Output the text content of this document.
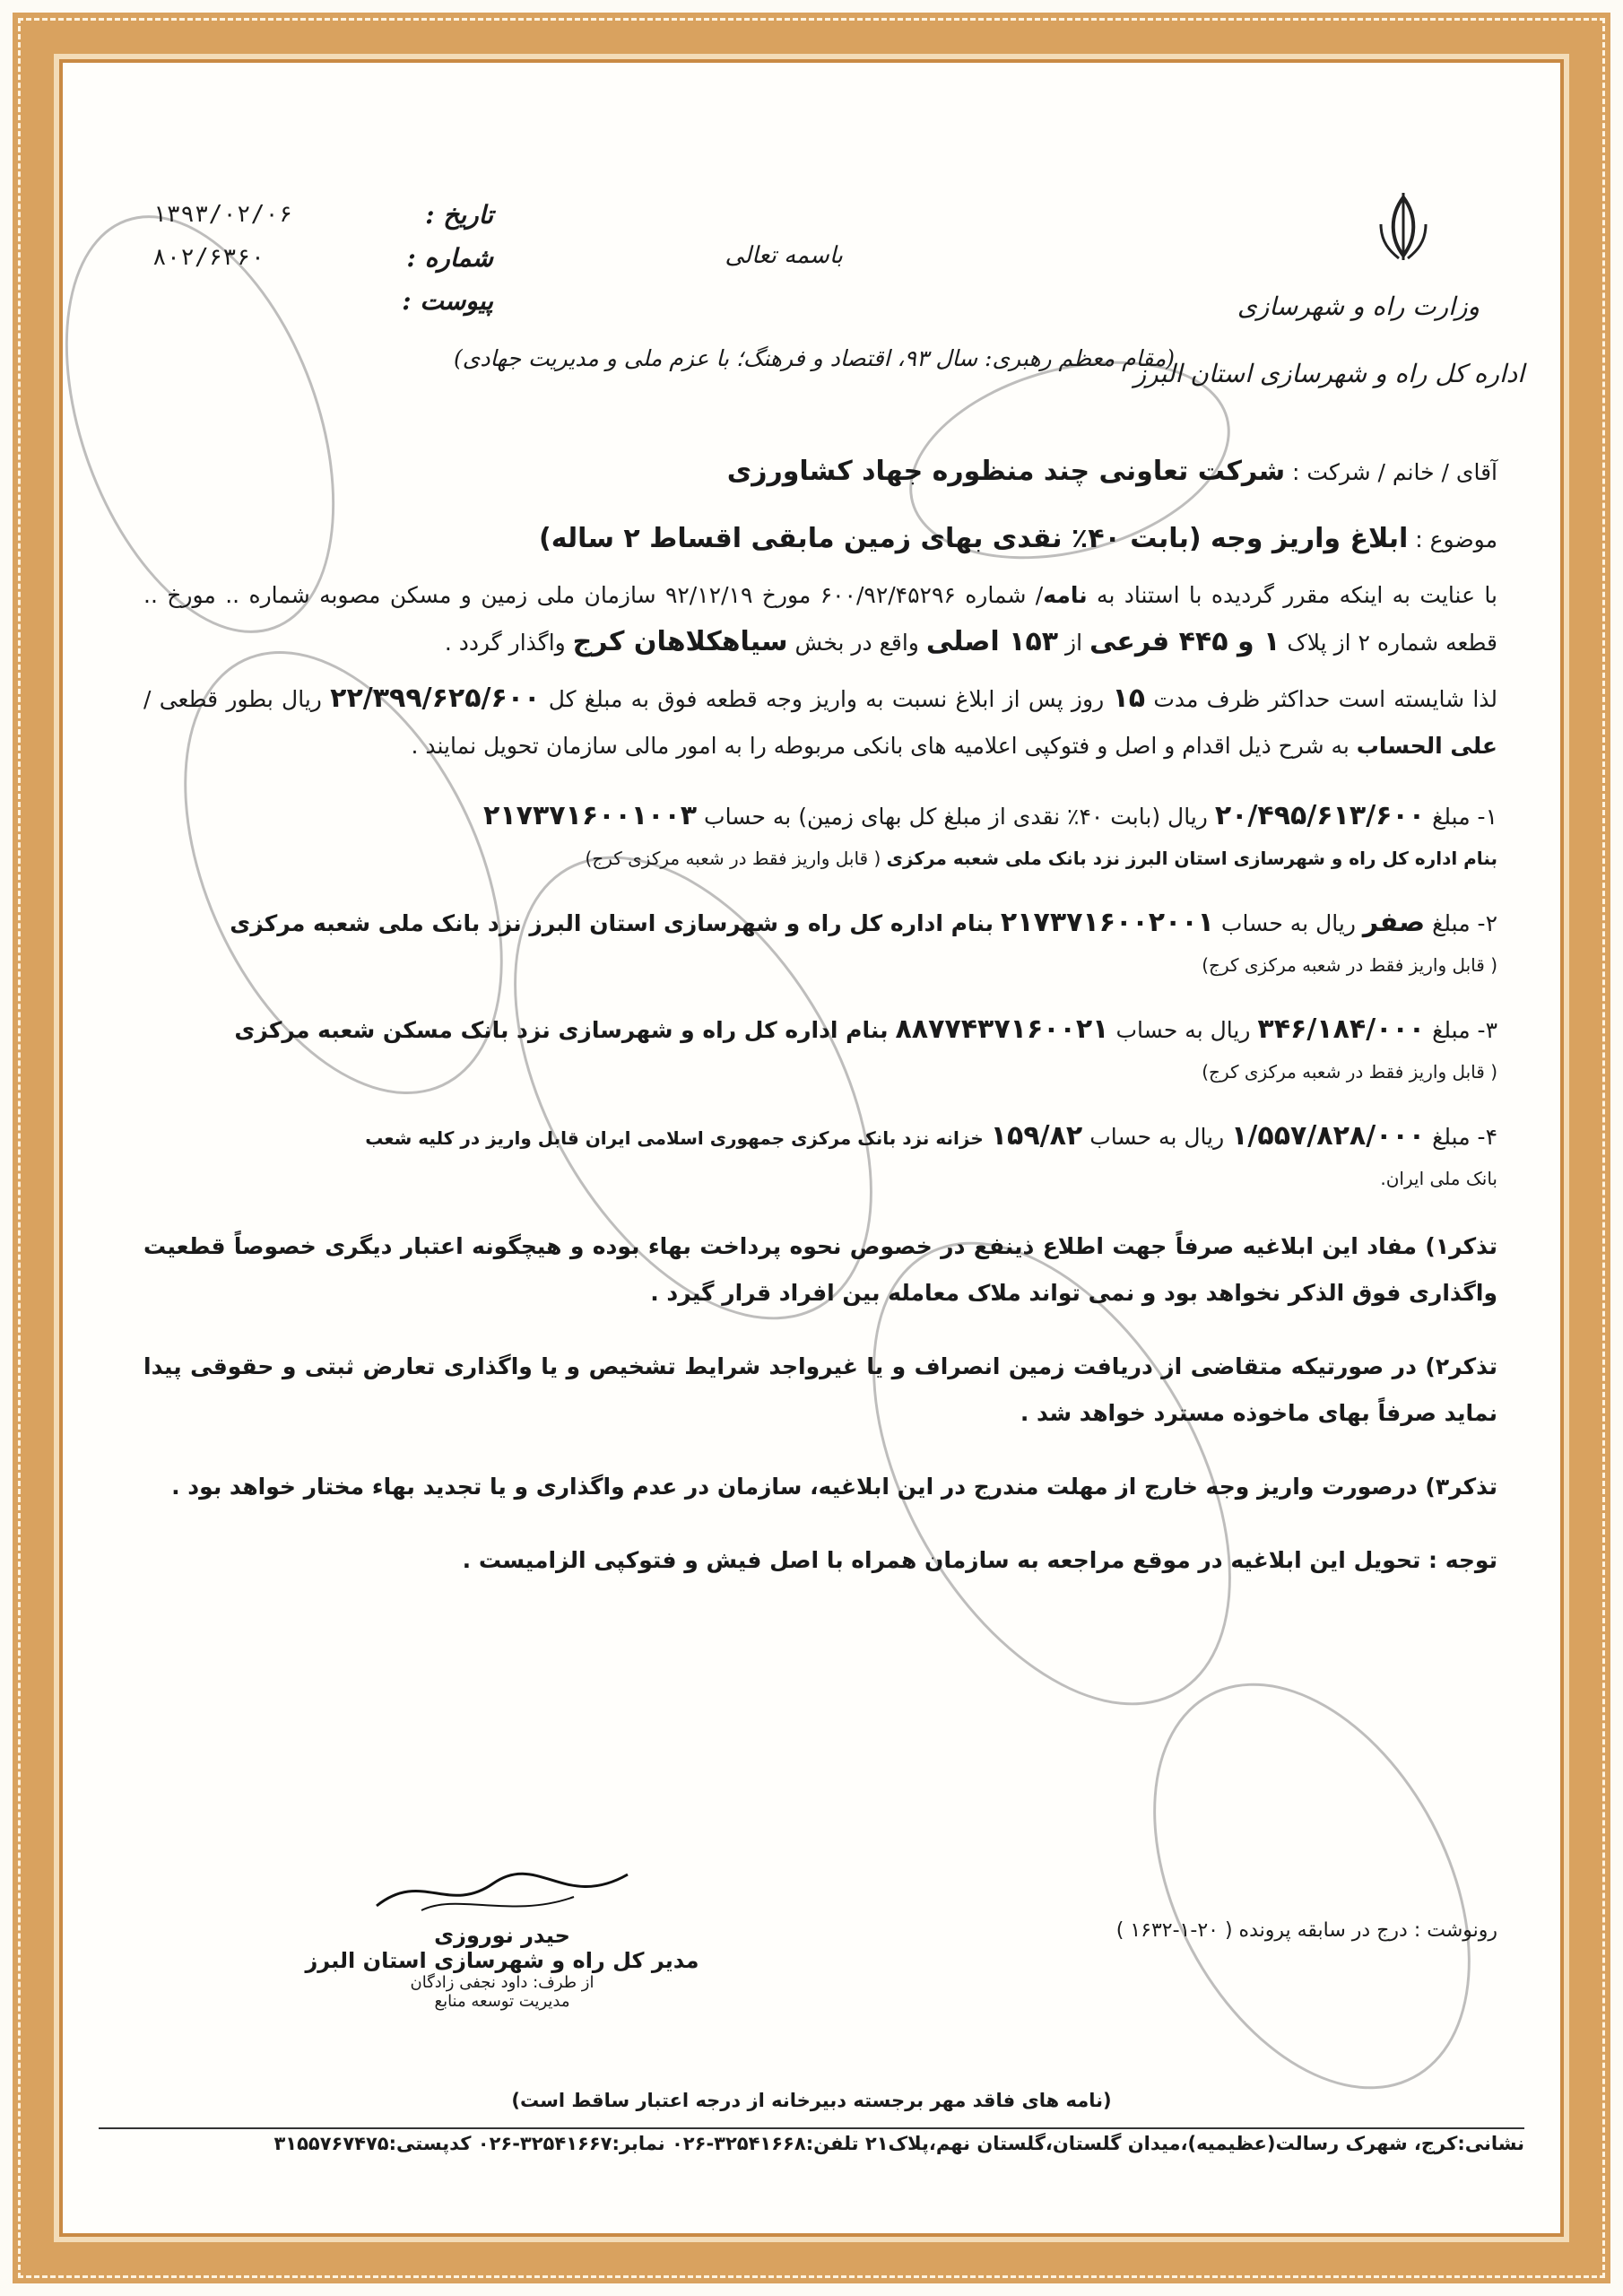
وزارت راه و شهرسازی
اداره کل راه و شهرسازی استان البرز
باسمه تعالی
(مقام معظم رهبری: سال ۹۳، اقتصاد و فرهنگ؛ با عزم ملی و مدیریت جهادی)
تاریخ :
۱۳۹۳/۰۲/۰۶
شماره :
۸۰۲/۶۳۶۰
پیوست :
آقای / خانم / شرکت : شرکت تعاونی چند منظوره جهاد کشاورزی
موضوع : ابلاغ واریز وجه (بابت ۴۰٪ نقدی بهای زمین مابقی اقساط ۲ ساله)
با عنایت به اینکه مقرر گردیده با استناد به نامه/ شماره ۶۰۰/۹۲/۴۵۲۹۶ مورخ ۹۲/۱۲/۱۹ سازمان ملی زمین و مسکن مصوبه شماره .. مورخ .. قطعه شماره ۲ از پلاک ۱ و ۴۴۵ فرعی از ۱۵۳ اصلی واقع در بخش سیاهکلاهان کرج واگذار گردد .
لذا شایسته است حداکثر ظرف مدت ۱۵ روز پس از ابلاغ نسبت به واریز وجه قطعه فوق به مبلغ کل ۲۲/۳۹۹/۶۲۵/۶۰۰ ریال بطور قطعی / علی الحساب به شرح ذیل اقدام و اصل و فتوکپی اعلامیه های بانکی مربوطه را به امور مالی سازمان تحویل نمایند .
۱- مبلغ ۲۰/۴۹۵/۶۱۳/۶۰۰ ریال (بابت ۴۰٪ نقدی از مبلغ کل بهای زمین) به حساب ۲۱۷۳۷۱۶۰۰۱۰۰۳
بنام اداره کل راه و شهرسازی استان البرز نزد بانک ملی شعبه مرکزی ( قابل واریز فقط در شعبه مرکزی کرج)
۲- مبلغ صفر ریال به حساب ۲۱۷۳۷۱۶۰۰۲۰۰۱ بنام اداره کل راه و شهرسازی استان البرز نزد بانک ملی شعبه مرکزی
( قابل واریز فقط در شعبه مرکزی کرج)
۳- مبلغ ۳۴۶/۱۸۴/۰۰۰ ریال به حساب ۸۸۷۷۴۳۷۱۶۰۰۲۱ بنام اداره کل راه و شهرسازی نزد بانک مسکن شعبه مرکزی
( قابل واریز فقط در شعبه مرکزی کرج)
۴- مبلغ ۱/۵۵۷/۸۲۸/۰۰۰ ریال به حساب ۱۵۹/۸۲ خزانه نزد بانک مرکزی جمهوری اسلامی ایران قابل واریز در کلیه شعب
بانک ملی ایران.
تذکر۱) مفاد این ابلاغیه صرفاً جهت اطلاع ذینفع در خصوص نحوه پرداخت بهاء بوده و هیچگونه اعتبار دیگری خصوصاً قطعیت واگذاری فوق الذکر نخواهد بود و نمی تواند ملاک معامله بین افراد قرار گیرد .
تذکر۲) در صورتیکه متقاضی از دریافت زمین انصراف و یا غیرواجد شرایط تشخیص و یا واگذاری تعارض ثبتی و حقوقی پیدا نماید صرفاً بهای ماخوذه مسترد خواهد شد .
تذکر۳) درصورت واریز وجه خارج از مهلت مندرج در این ابلاغیه، سازمان در عدم واگذاری و یا تجدید بهاء مختار خواهد بود .
توجه : تحویل این ابلاغیه در موقع مراجعه به سازمان همراه با اصل فیش و فتوکپی الزامیست .
حیدر نوروزی
مدیر کل راه و شهرسازی استان البرز
از طرف: داود نجفی زادگان
مدیریت توسعه منابع
رونوشت : درج در سابقه پرونده ( ۲۰-۱-۱۶۳۲ )
(نامه های فاقد مهر برجسته دبیرخانه از درجه اعتبار ساقط است)
نشانی:کرج، شهرک رسالت(عظیمیه)،میدان گلستان،گلستان نهم،پلاک۲۱ تلفن:۳۲۵۴۱۶۶۸-۰۲۶ نمابر:۳۲۵۴۱۶۶۷-۰۲۶ کدپستی:۳۱۵۵۷۶۷۴۷۵
